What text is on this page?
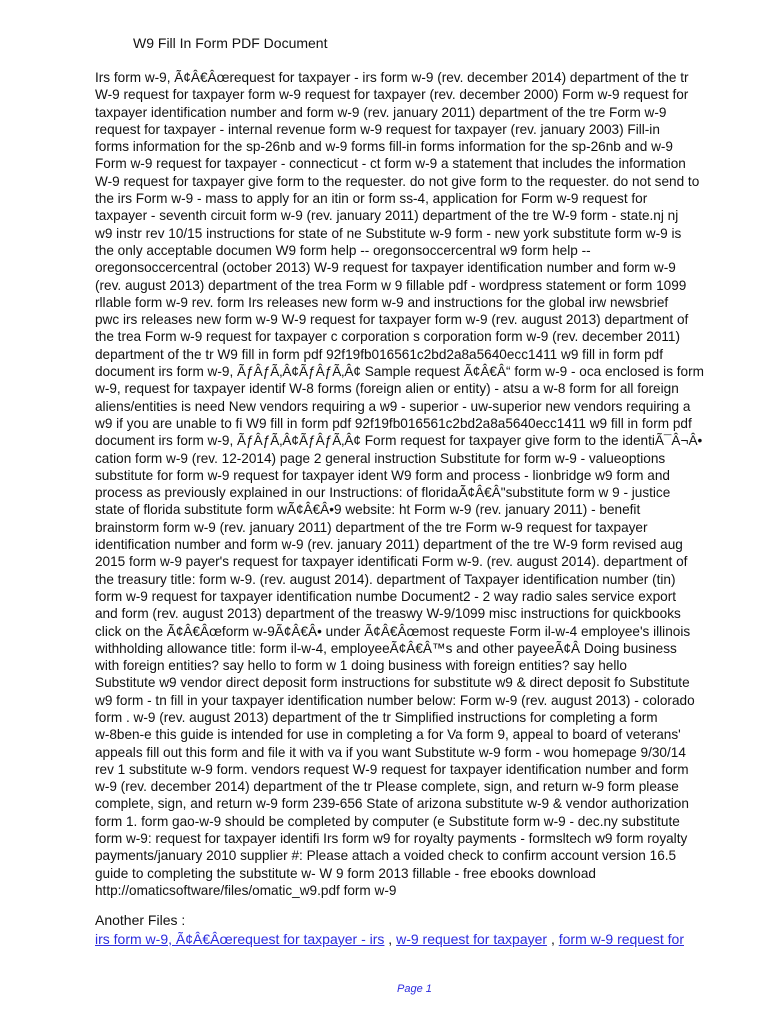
W9 Fill In Form PDF Document
Irs form w-9, Ã¢Â€Âœrequest for taxpayer - irs form w-9 (rev. december 2014) department of the tr
W-9 request for taxpayer form w-9 request for taxpayer (rev. december 2000) Form w-9 request for
taxpayer identification number and form w-9 (rev. january 2011) department of the tre Form w-9
request for taxpayer - internal revenue form w-9 request for taxpayer (rev. january 2003) Fill-in
forms information for the sp-26nb and w-9 forms fill-in forms information for the sp-26nb and w-9
Form w-9 request for taxpayer - connecticut - ct form w-9 a statement that includes the information
W-9 request for taxpayer give form to the requester. do not give form to the requester. do not send to
the irs Form w-9 - mass to apply for an itin or form ss-4, application for Form w-9 request for
taxpayer - seventh circuit form w-9 (rev. january 2011) department of the tre W-9 form - state.nj nj
w9 instr rev 10/15 instructions for state of ne Substitute w-9 form - new york substitute form w-9 is
the only acceptable documen W9 form help -- oregonsoccercentral w9 form help --
oregonsoccercentral (october 2013) W-9 request for taxpayer identification number and form w-9
(rev. august 2013) department of the trea Form w 9 fillable pdf - wordpress statement or form 1099
rllable form w-9 rev. form Irs releases new form w-9 and instructions for the global irw newsbrief
pwc irs releases new form w-9 W-9 request for taxpayer form w-9 (rev. august 2013) department of
the trea Form w-9 request for taxpayer c corporation s corporation form w-9 (rev. december 2011)
department of the tr W9 fill in form pdf 92f19fb016561c2bd2a8a5640ecc1411 w9 fill in form pdf
document irs form w-9, ÃƒÂƒÃ‚Â¢ÃƒÂƒÃ‚Â¢ Sample request Ã¢Â€Â“ form w-9 - oca enclosed is form
w-9, request for taxpayer identif W-8 forms (foreign alien or entity) - atsu a w-8 form for all foreign
aliens/entities is need New vendors requiring a w9 - superior - uw-superior new vendors requiring a
w9 if you are unable to fi W9 fill in form pdf 92f19fb016561c2bd2a8a5640ecc1411 w9 fill in form pdf
document irs form w-9, ÃƒÂƒÃ‚Â¢ÃƒÂƒÃ‚Â¢ Form request for taxpayer give form to the identiÃ¯Â¬Â•
cation form w-9 (rev. 12-2014) page 2 general instruction Substitute for form w-9 - valueoptions
substitute for form w-9 request for taxpayer ident W9 form and process - lionbridge w9 form and
process as previously explained in our Instructions: of floridaÃ¢Â€Â"substitute form w 9 - justice
state of florida substitute form wÃ¢Â€Â•9 website: ht Form w-9 (rev. january 2011) - benefit
brainstorm form w-9 (rev. january 2011) department of the tre Form w-9 request for taxpayer
identification number and form w-9 (rev. january 2011) department of the tre W-9 form revised aug
2015 form w-9 payer's request for taxpayer identificati Form w-9. (rev. august 2014). department of
the treasury title: form w-9. (rev. august 2014). department of Taxpayer identification number (tin)
form w-9 request for taxpayer identification numbe Document2 - 2 way radio sales service export
and form (rev. august 2013) department of the treaswy W-9/1099 misc instructions for quickbooks
click on the Ã¢Â€Âœform w-9Ã¢Â€Â• under Ã¢Â€Âœmost requeste Form il-w-4 employee's illinois
withholding allowance title: form il-w-4, employeeÃ¢Â€Â™s and other payeeÃ¢Â Doing business
with foreign entities? say hello to form w 1 doing business with foreign entities? say hello
Substitute w9 vendor direct deposit form instructions for substitute w9 & direct deposit fo Substitute
w9 form - tn fill in your taxpayer identification number below: Form w-9 (rev. august 2013) - colorado
form . w-9 (rev. august 2013) department of the tr Simplified instructions for completing a form
w-8ben-e this guide is intended for use in completing a for Va form 9, appeal to board of veterans'
appeals fill out this form and file it with va if you want Substitute w-9 form - wou homepage 9/30/14
rev 1 substitute w-9 form. vendors request W-9 request for taxpayer identification number and form
w-9 (rev. december 2014) department of the tr Please complete, sign, and return w-9 form please
complete, sign, and return w-9 form 239-656 State of arizona substitute w-9 & vendor authorization
form 1. form gao-w-9 should be completed by computer (e Substitute form w-9 - dec.ny substitute
form w-9: request for taxpayer identifi Irs form w9 for royalty payments - formsltech w9 form royalty
payments/january 2010 supplier #: Please attach a voided check to confirm account version 16.5
guide to completing the substitute w- W 9 form 2013 fillable - free ebooks download
http://omaticsoftware/files/omatic_w9.pdf form w-9
Another Files :
irs form w-9, Ã¢Â€Âœrequest for taxpayer - irs , w-9 request for taxpayer , form w-9 request for
Page 1
